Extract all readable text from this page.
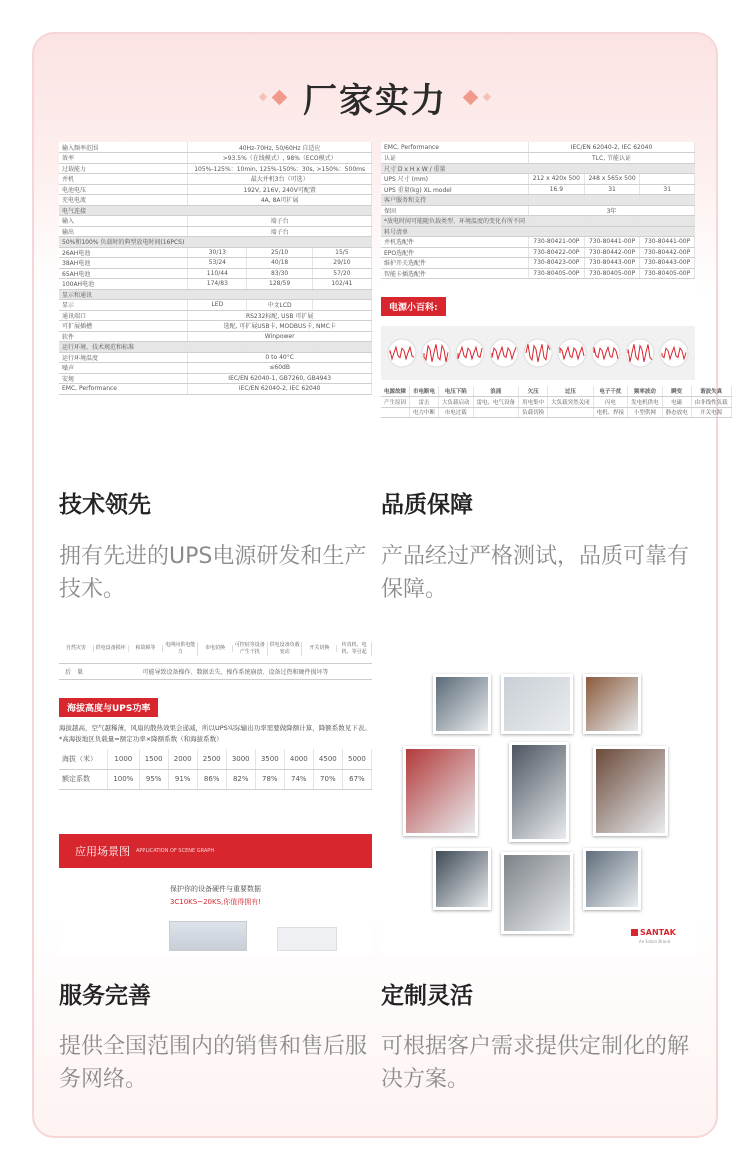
厂家实力
输入频率范围	40Hz-70Hz, 50/60Hz 自适应		
效率	>93.5%（在线模式）, 98%（ECO模式）		
过载能力	105%-125%：10min, 125%-150%：30s, >150%：500ms		
并机	最大并机3台（可选）		
电池电压	192V, 216V, 240V可配置		
充电电流	4A, 8A可扩展		
电气连接			
输入	端子台		
输出	端子台		
50%和100% 负载时的典型放电时间(16PCS)			
26AH电池	30/13	25/10	15/5
38AH电池	53/24	40/18	29/10
65AH电池	110/44	83/30	57/20
100AH电池	174/83	128/59	102/41
显示和通讯			
显示	LED	中文LCD	
通讯端口	RS232标配, USB 可扩展		
可扩展插槽	选配, 可扩展USB卡, MODBUS卡, NMC卡		
软件	Winpower		
运行环境、技术规范和标准			
运行环境温度	0 to 40°C		
噪声	≤60dB		
安规	IEC/EN 62040-1, GB7260, GB4943		
EMC, Performance	IEC/EN 62040-2, IEC 62040		
EMC, Performance	IEC/EN 62040-2, IEC 62040		
认证	TLC, 节能认证		
尺寸 D x H x W / 重量			
UPS 尺寸 (mm)	212 x 420x 500	248 x 565x 500	
UPS 重量(kg) XL model	16.9	31	31
客户服务和支持			
保固	3年		
*放电时间可能随负载类型、环境温度的变化有所不同			
料号清单			
并机选配件	730-80421-00P	730-80441-00P	730-80441-00P
EPO选配件	730-80422-00P	730-80442-00P	730-80442-00P
维护开关选配件	730-80423-00P	730-80443-00P	730-80443-00P
智能卡插选配件	730-80405-00P	730-80405-00P	730-80405-00P
电源小百科:
电源故障	市电断电	电压下陷	浪涌	欠压	过压	电子干扰	频率波动	瞬变	谐波失真
产生原因	雷击	大负载启动	雷电、电气设备	用电集中	大负载突然关闭	闪电	发电机供电	电磁	由非线性负载
	电力中断	市电过载		负载切换		电机、焊接	小型供网	静态放电	开关电源
技术领先
拥有先进的UPS电源研发和生产技术。
品质保障
产品经过严格测试，品质可靠有保障。
自然灾害	供电设备损坏	和故障等
电网问供电能力
市电切换
可控硅等设备产生干扰
供电设备负载变动
开关切换
传真机、电机、等引起
后　果	可能导致设备操作、数据丢失、操作系统崩溃、设备过热和硬件损坏等
海拔高度与UPS功率
海拔越高，空气越稀薄，风扇的散热效果会递减，所以UPS实际输出功率需要做降额计算，降额系数见下表。
*高海拔地区负载量=额定功率×降额系数（和海拔系数）
海拔（米）	1000	1500	2000	2500	3000	3500	4000	4500	5000
额定系数	100%	95%	91%	86%	82%	78%	74%	70%	67%
应用场景图 APPLICATION OF SCENE GRAPH
保护你的设备硬件与重要数据
3C10KS~20KS,你值得拥有!
SANTAK
An Eaton Brand
服务完善
提供全国范围内的销售和售后服务网络。
定制灵活
可根据客户需求提供定制化的解决方案。
